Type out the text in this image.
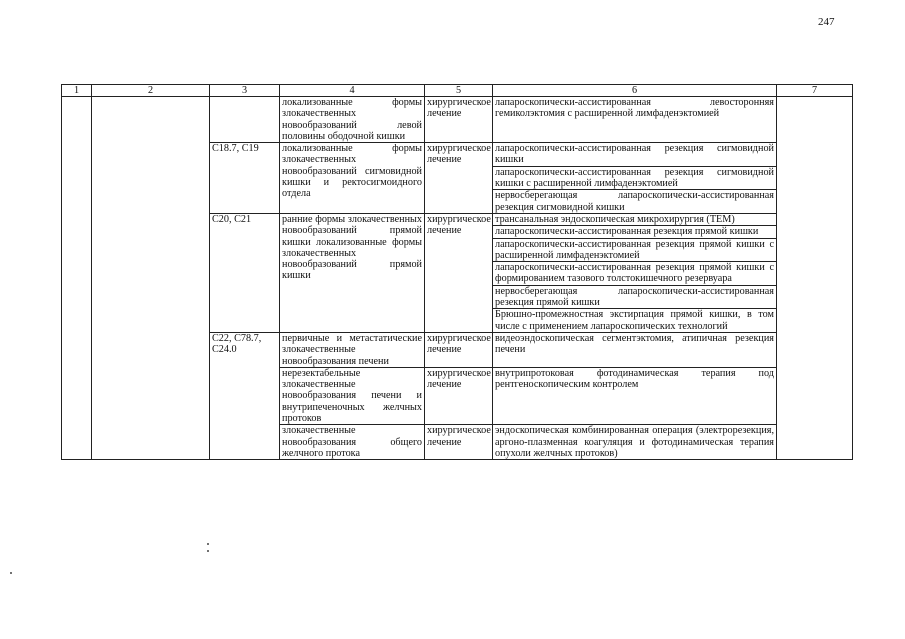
247
1	2	3	4	5	6	7
			локализованные формы злокачественных новообразований левой половины ободочной кишки	хирургическое лечение	лапароскопически-ассистированная левосторонняя гемиколэктомия с расширенной лимфаденэктомией	
		C18.7, C19	локализованные формы злокачественных новообразований сигмовидной кишки и ректосигмоидного отдела	хирургическое лечение	лапароскопически-ассистированная резекция сигмовидной кишки	
					лапароскопически-ассистированная резекция сигмовидной кишки с расширенной лимфаденэктомией	
					нервосберегающая лапароскопически-ассистированная резекция сигмовидной кишки	
		C20, C21	ранние формы злокачественных новообразований прямой кишки локализованные формы злокачественных новообразований прямой кишки	хирургическое лечение	трансанальная эндоскопическая микрохирургия (ТЕМ)	
					лапароскопически-ассистированная резекция прямой кишки	
					лапароскопически-ассистированная резекция прямой кишки с расширенной лимфаденэктомией	
					лапароскопически-ассистированная резекция прямой кишки с формированием тазового толстокишечного резервуара	
					нервосберегающая лапароскопически-ассистированная резекция прямой кишки	
					Брюшно-промежностная экстирпация прямой кишки, в том числе с применением лапароскопических технологий	
		C22, C78.7, C24.0	первичные и метастатические злокачественные новообразования печени	хирургическое лечение	видеоэндоскопическая сегментэктомия, атипичная резекция печени	
			нерезектабельные злокачественные новообразования печени и внутрипеченочных желчных протоков	хирургическое лечение	внутрипротоковая фотодинамическая терапия под рентгеноскопическим контролем	
			злокачественные новообразования общего желчного протока	хирургическое лечение	эндоскопическая комбинированная операция (электрорезекция, аргоно-плазменная коагуляция и фотодинамическая терапия опухоли желчных протоков)	
